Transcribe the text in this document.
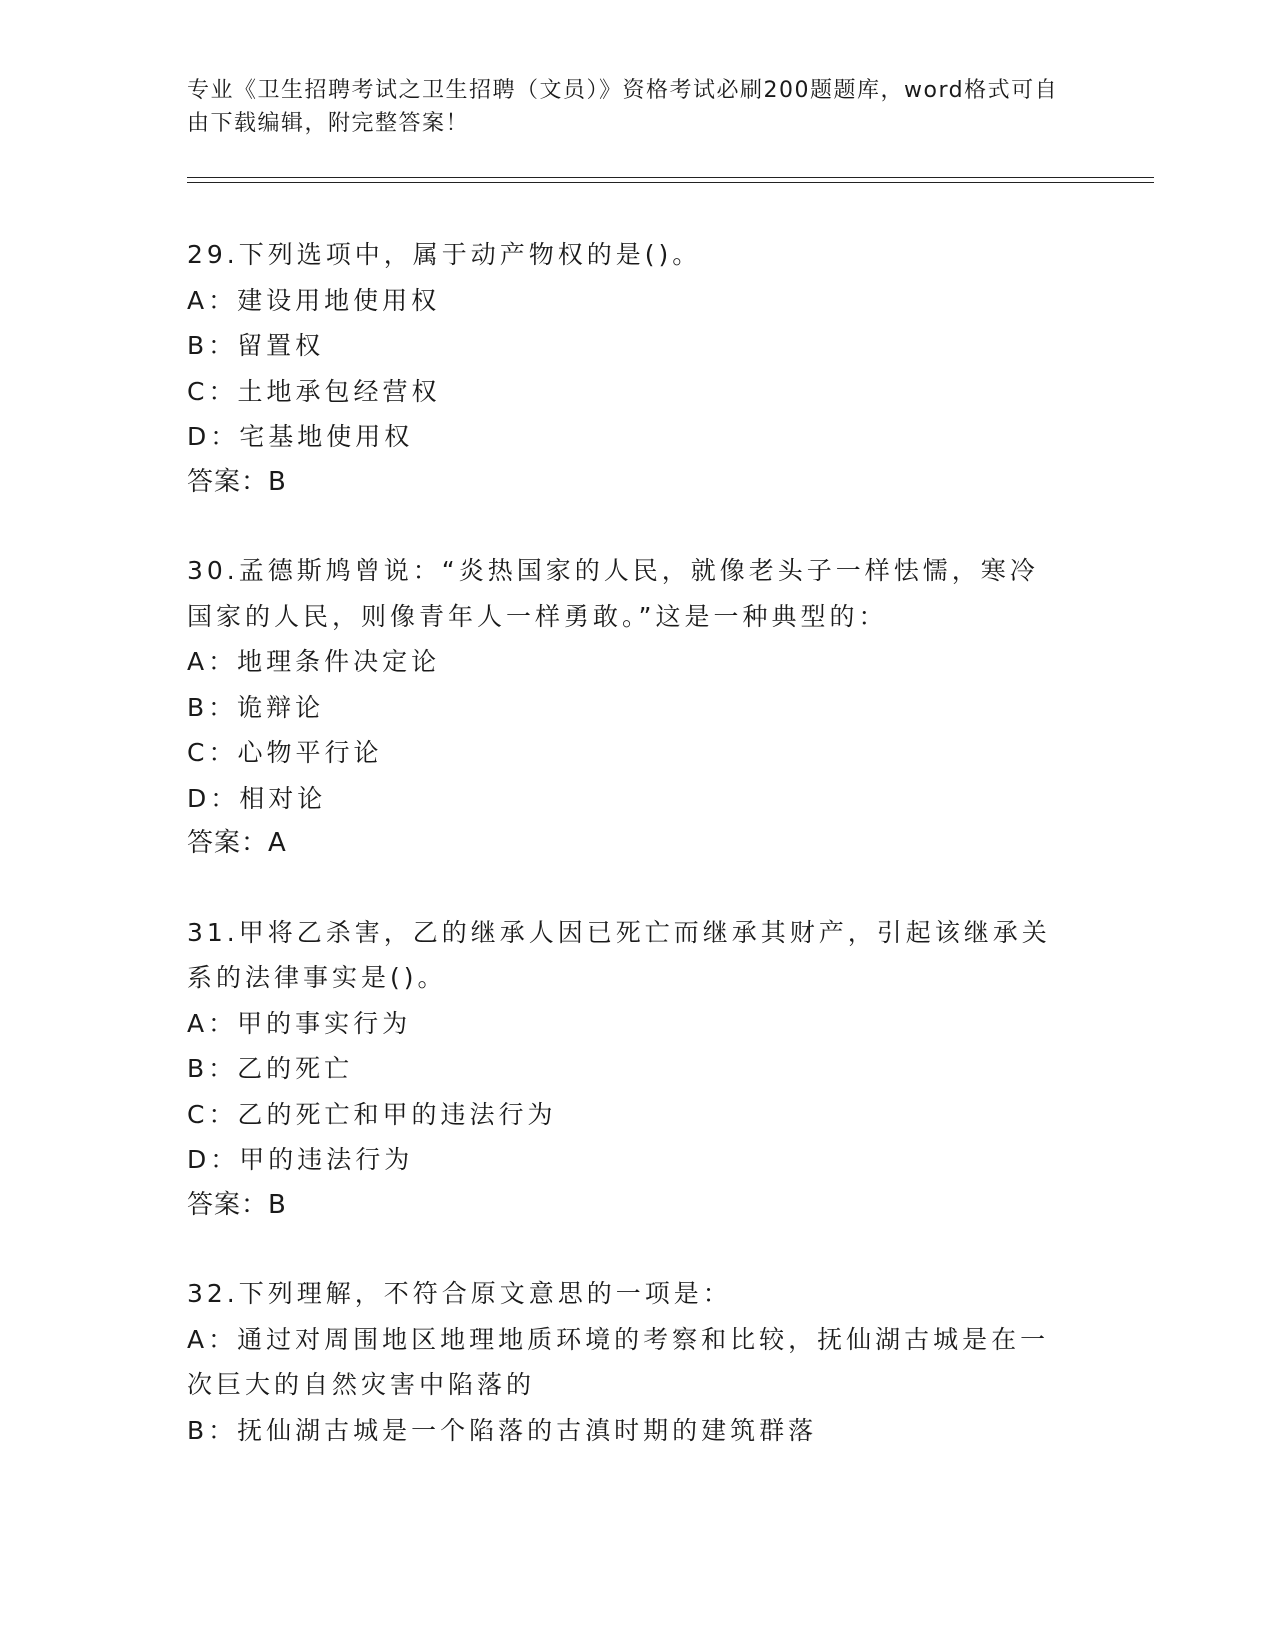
专业《卫生招聘考试之卫生招聘（文员）》资格考试必刷200题题库，word格式可自由下载编辑，附完整答案！

29.下列选项中，属于动产物权的是()。

A：建设用地使用权

B：留置权

C：土地承包经营权

D：宅基地使用权

答案：B

30.孟德斯鸠曾说：“炎热国家的人民，就像老头子一样怯懦，寒冷国家的人民，则像青年人一样勇敢。”这是一种典型的：

A：地理条件决定论

B：诡辩论

C：心物平行论

D：相对论

答案：A

31.甲将乙杀害，乙的继承人因已死亡而继承其财产，引起该继承关系的法律事实是()。

A：甲的事实行为

B：乙的死亡

C：乙的死亡和甲的违法行为

D：甲的违法行为

答案：B

32.下列理解，不符合原文意思的一项是：

A：通过对周围地区地理地质环境的考察和比较，抚仙湖古城是在一次巨大的自然灾害中陷落的

B：抚仙湖古城是一个陷落的古滇时期的建筑群落
